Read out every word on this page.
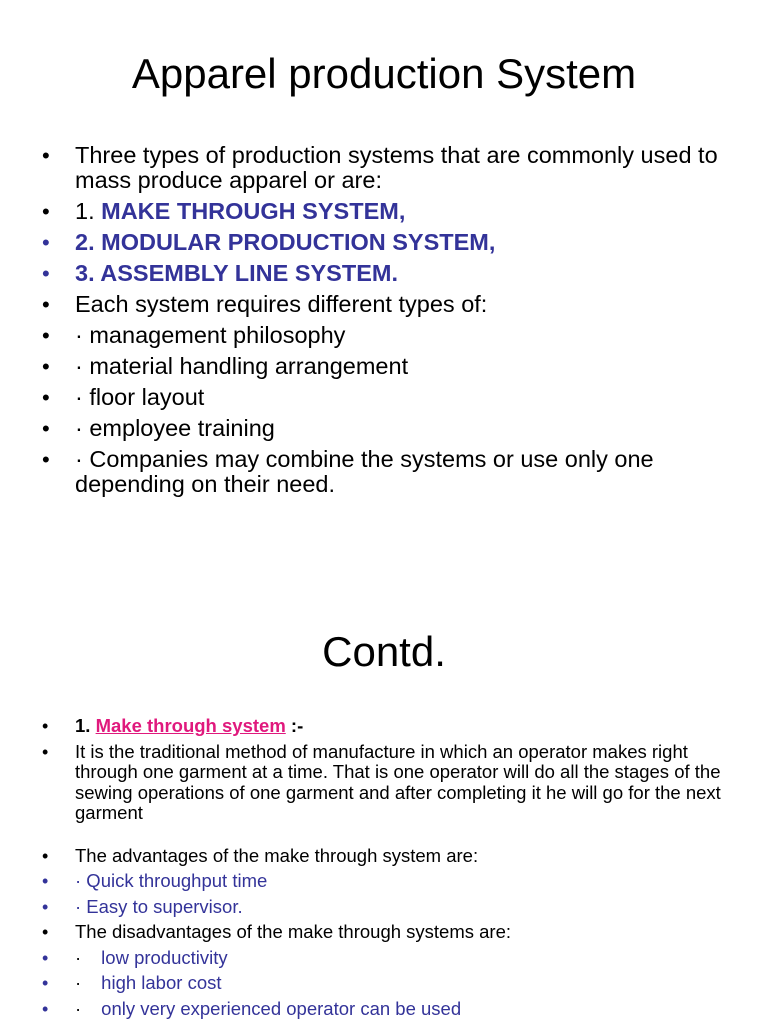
Apparel production System
• Three types of production systems that are commonly used to mass produce apparel or are:
• 1. MAKE THROUGH SYSTEM,
• 2. MODULAR PRODUCTION SYSTEM,
• 3. ASSEMBLY LINE SYSTEM.
• Each system requires different types of:
• · management philosophy
• · material handling arrangement
• · floor layout
• · employee training
• · Companies may combine the systems or use only one depending on their need.
Contd.
• 1. Make through system :-
• It is the traditional method of manufacture in which an operator makes right through one garment at a time. That is one operator will do all the stages of the sewing operations of one garment and after completing it he will go for the next garment
• The advantages of the make through system are:
• · Quick throughput time
• · Easy to supervisor.
• The disadvantages of the make through systems are:
• · low productivity
• · high labor cost
• · only very experienced operator can be used
